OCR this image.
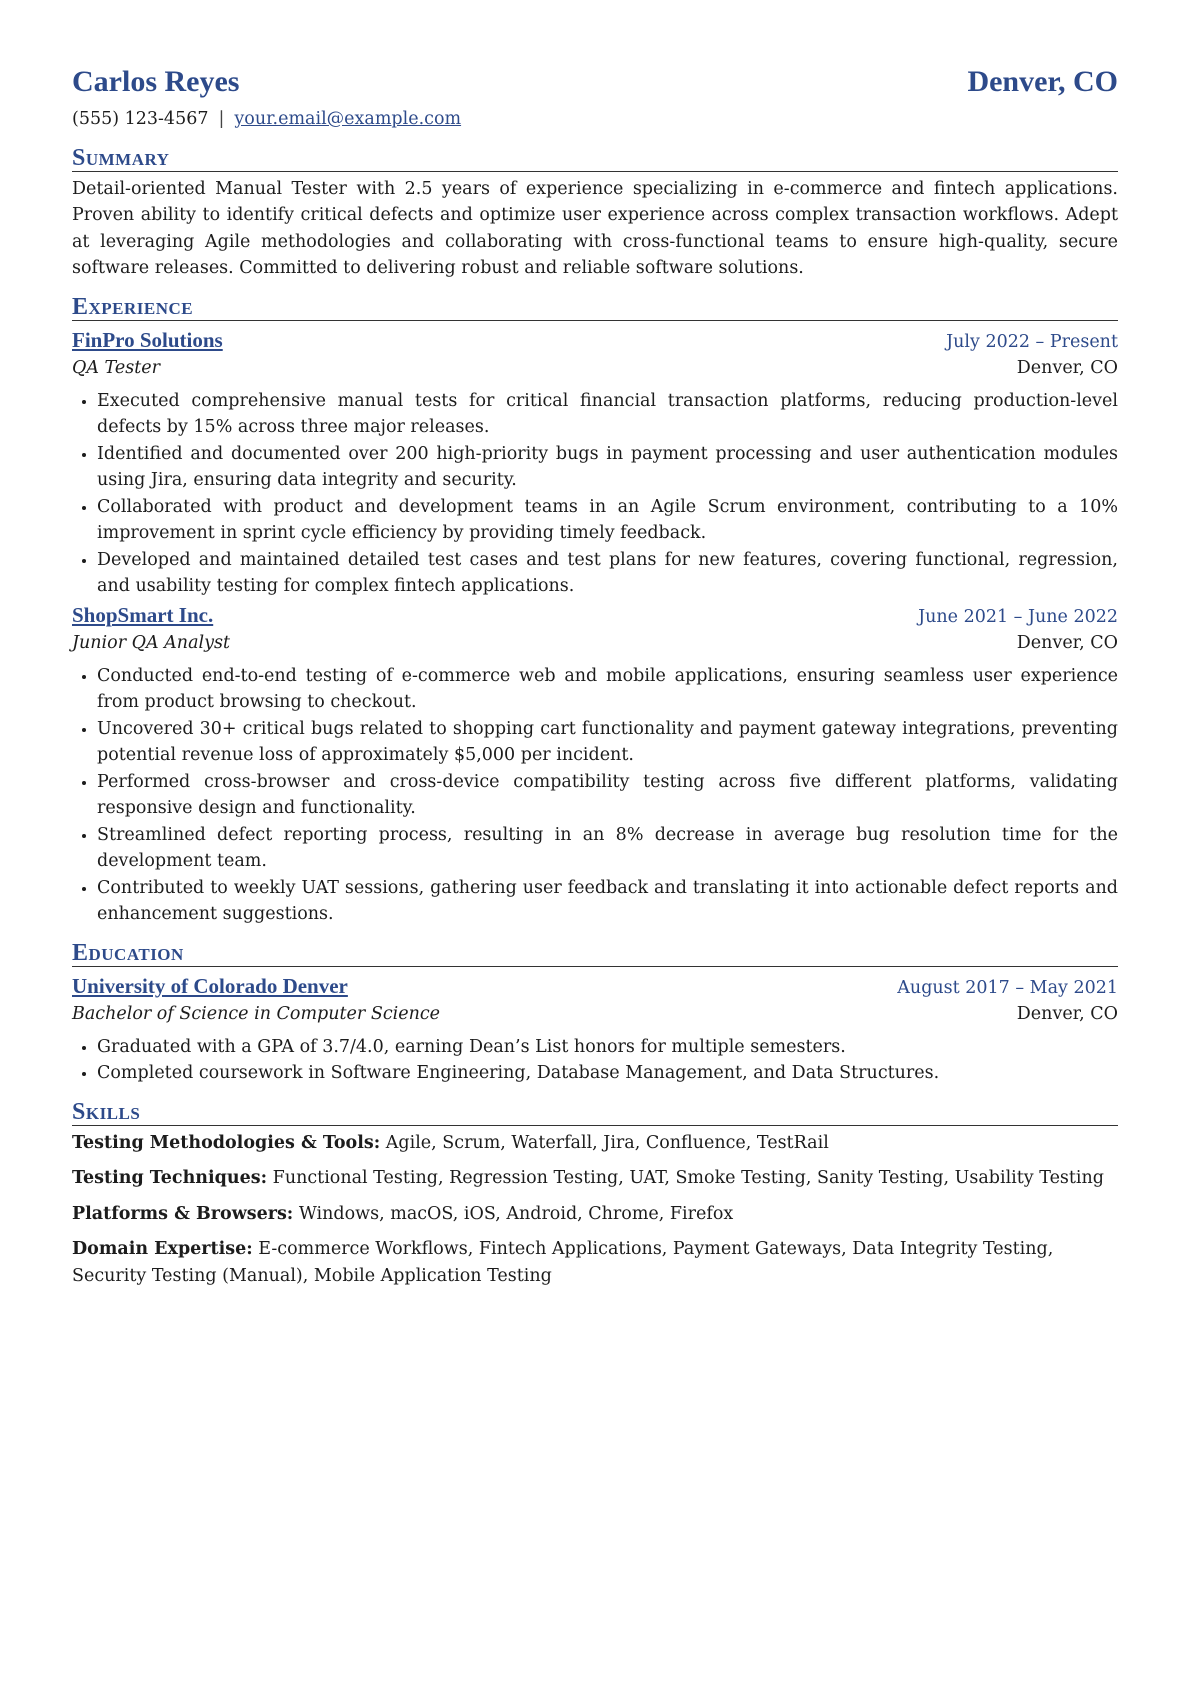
Carlos Reyes	Denver, CO
(555) 123-4567 | your.email@example.com
Summary
Detail-oriented Manual Tester with 2.5 years of experience specializing in e-commerce and fintech applications. Proven ability to identify critical defects and optimize user experience across complex transaction workflows. Adept at leveraging Agile methodologies and collaborating with cross-functional teams to ensure high-quality, secure software releases. Committed to delivering robust and reliable software solutions.
Experience
FinPro Solutions	July 2022 – Present
QA Tester	Denver, CO
• Executed comprehensive manual tests for critical financial transaction platforms, reducing production-level defects by 15% across three major releases.
• Identified and documented over 200 high-priority bugs in payment processing and user authentication modules using Jira, ensuring data integrity and security.
• Collaborated with product and development teams in an Agile Scrum environment, contributing to a 10% improvement in sprint cycle efficiency by providing timely feedback.
• Developed and maintained detailed test cases and test plans for new features, covering functional, regression, and usability testing for complex fintech applications.
ShopSmart Inc.	June 2021 – June 2022
Junior QA Analyst	Denver, CO
• Conducted end-to-end testing of e-commerce web and mobile applications, ensuring seamless user experience from product browsing to checkout.
• Uncovered 30+ critical bugs related to shopping cart functionality and payment gateway integrations, preventing potential revenue loss of approximately $5,000 per incident.
• Performed cross-browser and cross-device compatibility testing across five different platforms, validating responsive design and functionality.
• Streamlined defect reporting process, resulting in an 8% decrease in average bug resolution time for the development team.
• Contributed to weekly UAT sessions, gathering user feedback and translating it into actionable defect reports and enhancement suggestions.
Education
University of Colorado Denver	August 2017 – May 2021
Bachelor of Science in Computer Science	Denver, CO
• Graduated with a GPA of 3.7/4.0, earning Dean’s List honors for multiple semesters.
• Completed coursework in Software Engineering, Database Management, and Data Structures.
Skills
Testing Methodologies & Tools: Agile, Scrum, Waterfall, Jira, Confluence, TestRail
Testing Techniques: Functional Testing, Regression Testing, UAT, Smoke Testing, Sanity Testing, Usability Testing
Platforms & Browsers: Windows, macOS, iOS, Android, Chrome, Firefox
Domain Expertise: E-commerce Workflows, Fintech Applications, Payment Gateways, Data Integrity Testing, Security Testing (Manual), Mobile Application Testing
